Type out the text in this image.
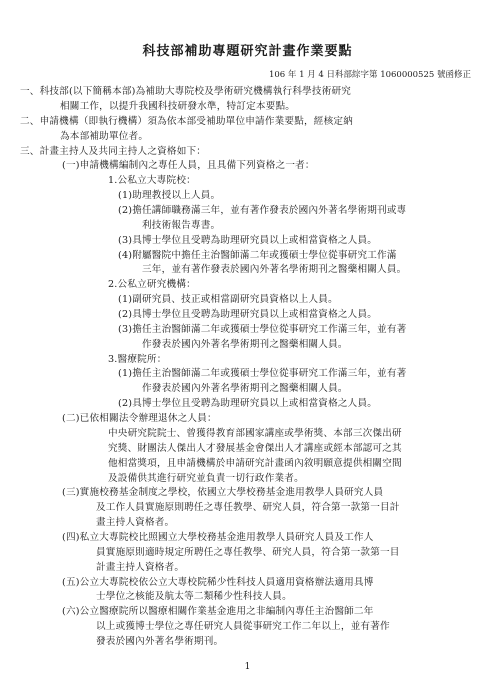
科技部補助專題研究計畫作業要點
106 年 1 月 4 日科部綜字第 1060000525 號函修正
一、科技部(以下簡稱本部)為補助大專院校及學術研究機構執行科學技術研究
相關工作，以提升我國科技研發水準，特訂定本要點。
二、申請機構（即執行機構）須為依本部受補助單位申請作業要點，經核定納
為本部補助單位者。
三、計畫主持人及共同主持人之資格如下：
(一)申請機構編制內之專任人員，且具備下列資格之一者：
1.公私立大專院校：
(1)助理教授以上人員。
(2)擔任講師職務滿三年，並有著作發表於國內外著名學術期刊或專
利技術報告專書。
(3)具博士學位且受聘為助理研究員以上或相當資格之人員。
(4)附屬醫院中擔任主治醫師滿二年或獲碩士學位從事研究工作滿
三年，並有著作發表於國內外著名學術期刊之醫藥相關人員。
2.公私立研究機構：
(1)副研究員、技正或相當副研究員資格以上人員。
(2)具博士學位且受聘為助理研究員以上或相當資格之人員。
(3)擔任主治醫師滿二年或獲碩士學位從事研究工作滿三年，並有著
作發表於國內外著名學術期刊之醫藥相關人員。
3.醫療院所：
(1)擔任主治醫師滿二年或獲碩士學位從事研究工作滿三年，並有著
作發表於國內外著名學術期刊之醫藥相關人員。
(2)具博士學位且受聘為助理研究員以上或相當資格之人員。
(二)已依相關法令辦理退休之人員：
中央研究院院士、曾獲得教育部國家講座或學術獎、本部三次傑出研
究獎、財團法人傑出人才發展基金會傑出人才講座或經本部認可之其
他相當獎項，且申請機構於申請研究計畫函內敘明願意提供相關空間
及設備供其進行研究並負責一切行政作業者。
(三)實施校務基金制度之學校，依國立大學校務基金進用教學人員研究人員
及工作人員實施原則聘任之專任教學、研究人員，符合第一款第一目計
畫主持人資格者。
(四)私立大專院校比照國立大學校務基金進用教學人員研究人員及工作人
員實施原則適時規定所聘任之專任教學、研究人員，符合第一款第一目
計畫主持人資格者。
(五)公立大專院校依公立大專校院稀少性科技人員適用資格辦法適用具博
士學位之核能及航太等二類稀少性科技人員。
(六)公立醫療院所以醫療相關作業基金進用之非編制內專任主治醫師二年
以上或獲博士學位之專任研究人員從事研究工作二年以上，並有著作
發表於國內外著名學術期刊。
1
